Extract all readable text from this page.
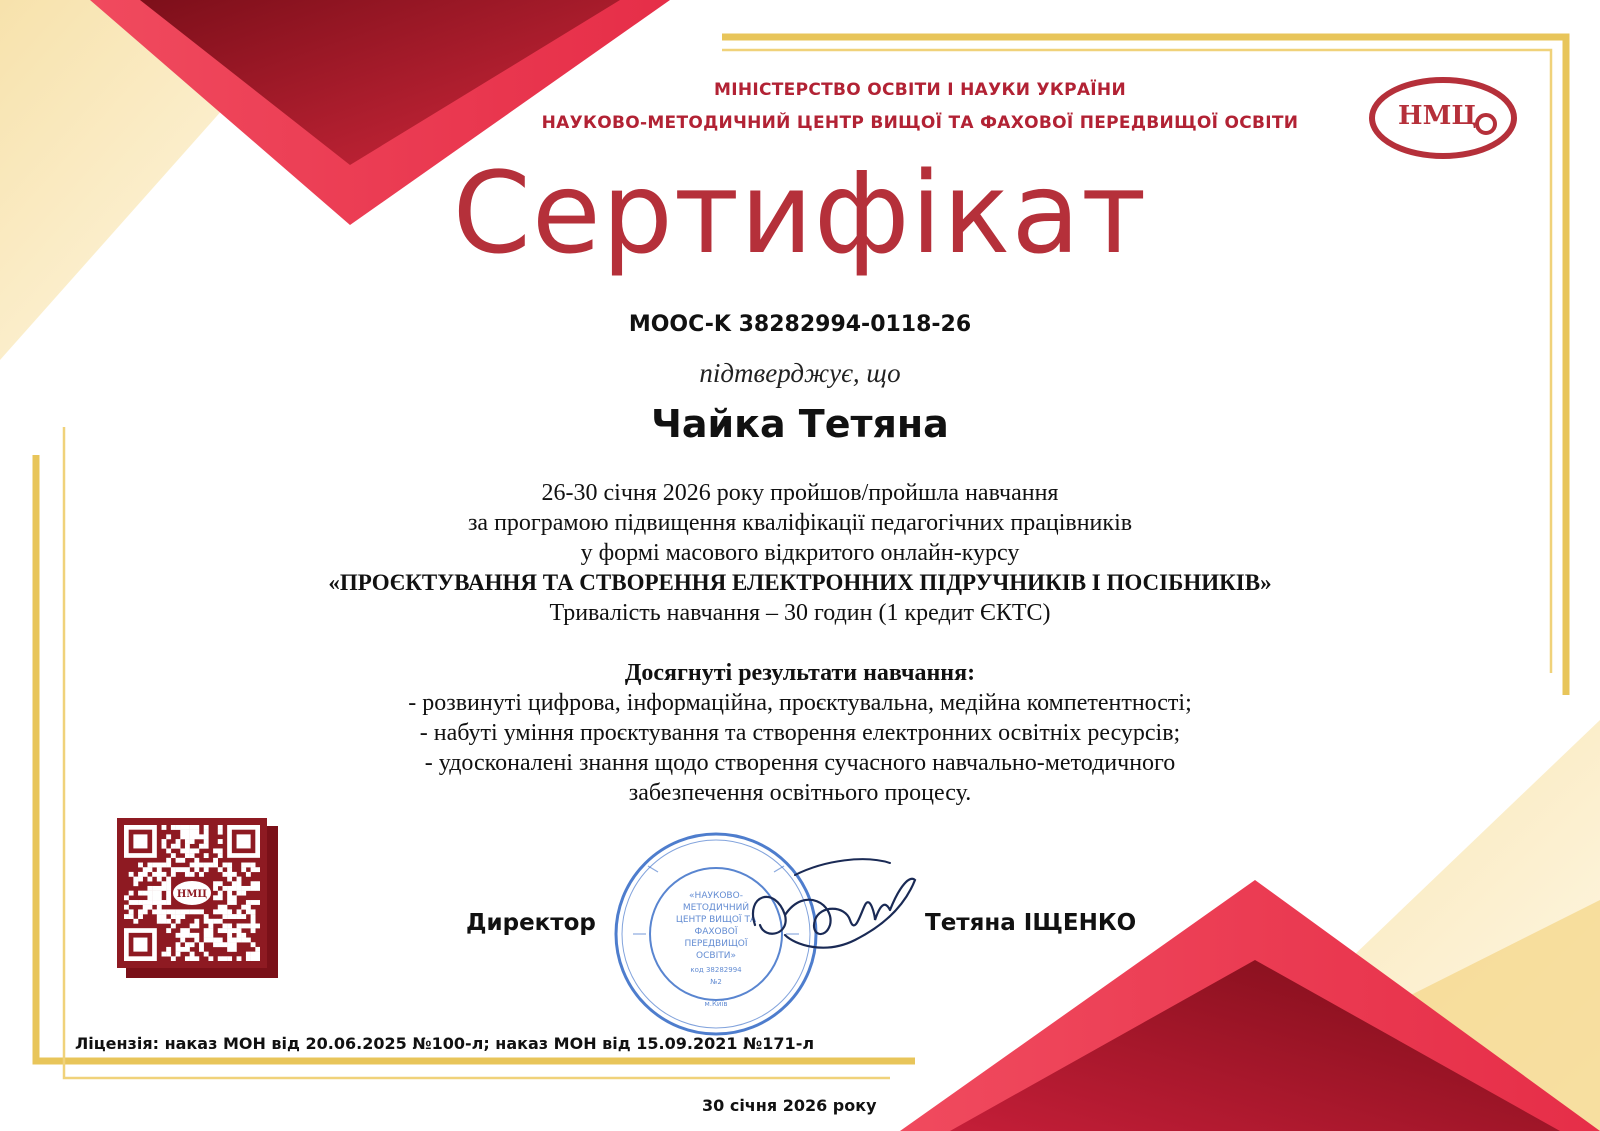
МІНІСТЕРСТВО ОСВІТИ І НАУКИ УКРАЇНИ
НАУКОВО-МЕТОДИЧНИЙ ЦЕНТР ВИЩОЇ ТА ФАХОВОЇ ПЕРЕДВИЩОЇ ОСВІТИ	НМЦ
Сертифікат
MOOC-K 38282994-0118-26
підтверджує, що
Чайка Тетяна
26-30 січня 2026 року пройшов/пройшла навчання
за програмою підвищення кваліфікації педагогічних працівників
у формі масового відкритого онлайн-курсу
«ПРОЄКТУВАННЯ ТА СТВОРЕННЯ ЕЛЕКТРОННИХ ПІДРУЧНИКІВ І ПОСІБНИКІВ»
Тривалість навчання – 30 годин (1 кредит ЄКТС)
Досягнуті результати навчання:
- розвинуті цифрова, інформаційна, проєктувальна, медійна компетентності;
- набуті уміння проєктування та створення електронних освітніх ресурсів;
- удосконалені знання щодо створення сучасного навчально-методичного
забезпечення освітнього процесу.
НМЦ
Директор
«НАУКОВО-
МЕТОДИЧНИЙ
ЦЕНТР ВИЩОЇ ТА
ФАХОВОЇ
ПЕРЕДВИЩОЇ
ОСВІТИ»
код 38282994
№2
м.Київ
Тетяна ІЩЕНКО
Ліцензія: наказ МОН від 20.06.2025 №100-л; наказ МОН від 15.09.2021 №171-л
30 січня 2026 року
